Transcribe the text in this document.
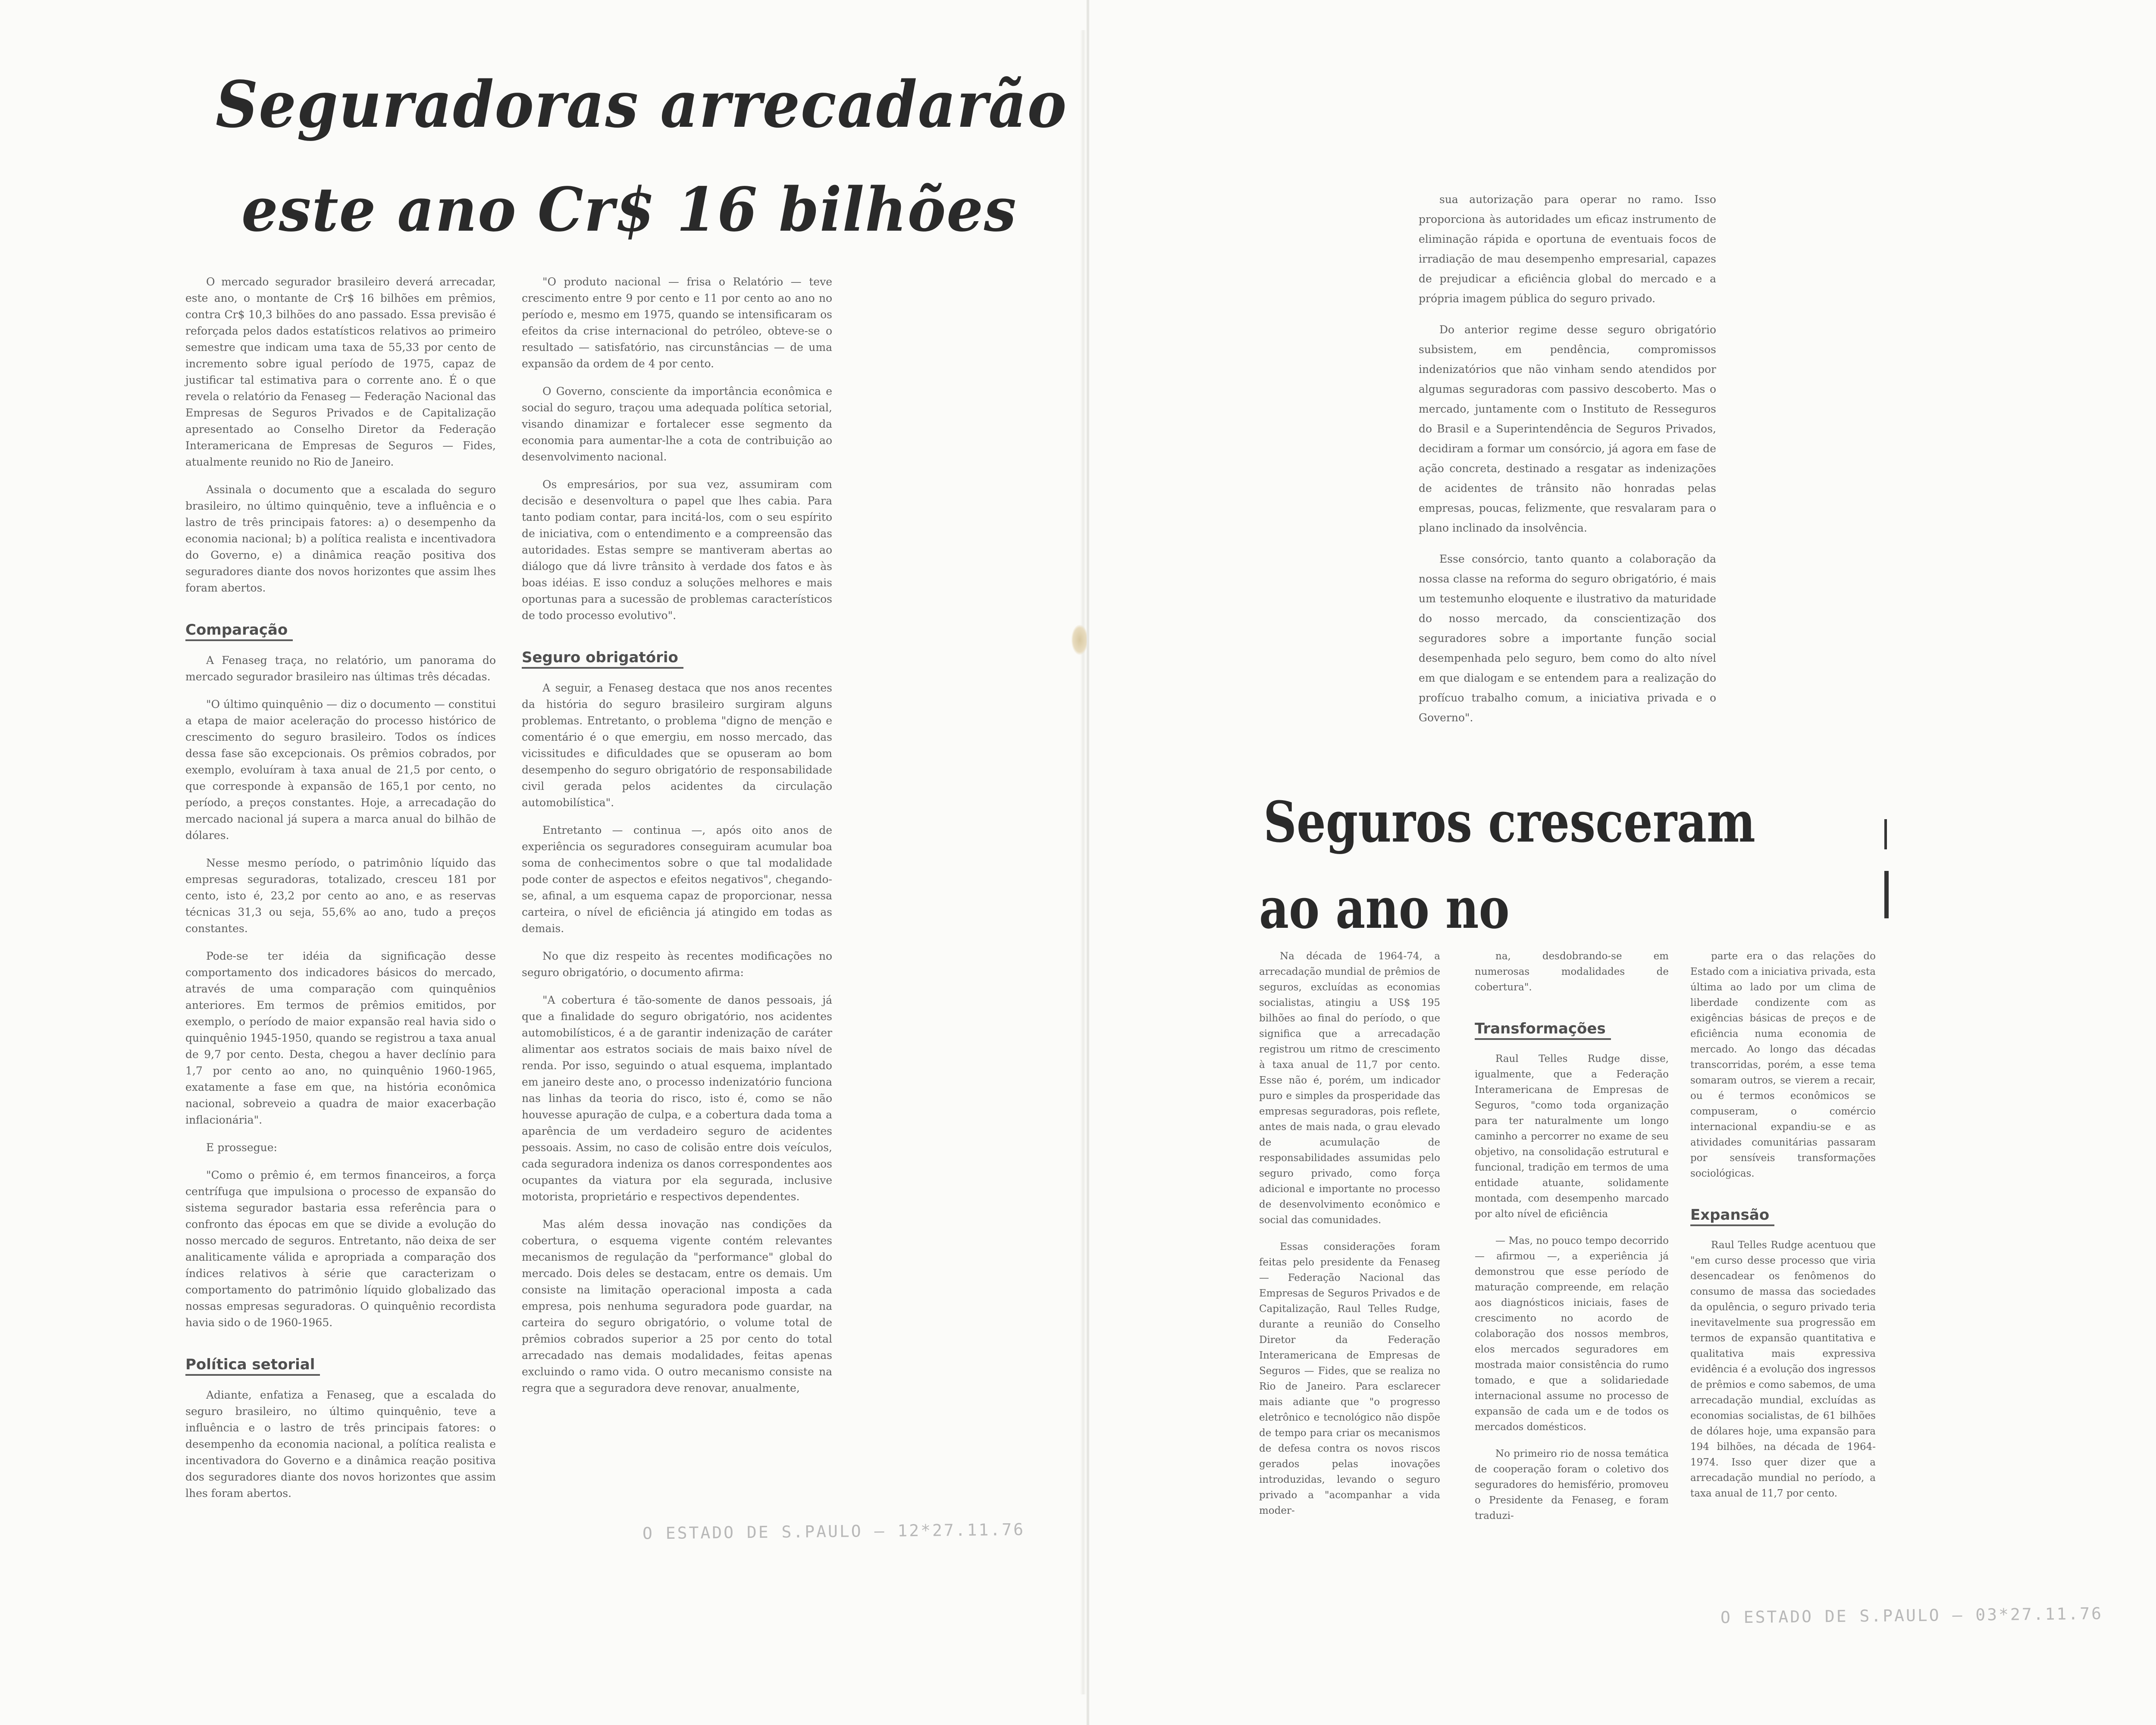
Seguradoras arrecadarão
este ano Cr$ 16 bilhões

O mercado segurador brasileiro deverá arrecadar, este ano, o montante de Cr$ 16 bilhões em prêmios, contra Cr$ 10,3 bilhões do ano passado. Essa previsão é reforçada pelos dados estatísticos relativos ao primeiro semestre que indicam uma taxa de 55,33 por cento de incremento sobre igual período de 1975, capaz de justificar tal estimativa para o corrente ano. É o que revela o relatório da Fenaseg — Federação Nacional das Empresas de Seguros Privados e de Capitalização apresentado ao Conselho Diretor da Federação Interamericana de Empresas de Seguros — Fides, atualmente reunido no Rio de Janeiro.

Assinala o documento que a escalada do seguro brasileiro, no último quinquênio, teve a influência e o lastro de três principais fatores: a) o desempenho da economia nacional; b) a política realista e incentivadora do Governo, e) a dinâmica reação positiva dos seguradores diante dos novos horizontes que assim lhes foram abertos.

Comparação

A Fenaseg traça, no relatório, um panorama do mercado segurador brasileiro nas últimas três décadas.

"O último quinquênio — diz o documento — constitui a etapa de maior aceleração do processo histórico de crescimento do seguro brasileiro. Todos os índices dessa fase são excepcionais. Os prêmios cobrados, por exemplo, evoluíram à taxa anual de 21,5 por cento, o que corresponde à expansão de 165,1 por cento, no período, a preços constantes. Hoje, a arrecadação do mercado nacional já supera a marca anual do bilhão de dólares.

Nesse mesmo período, o patrimônio líquido das empresas seguradoras, totalizado, cresceu 181 por cento, isto é, 23,2 por cento ao ano, e as reservas técnicas 31,3 ou seja, 55,6% ao ano, tudo a preços constantes.

Pode-se ter idéia da significação desse comportamento dos indicadores básicos do mercado, através de uma comparação com quinquênios anteriores. Em termos de prêmios emitidos, por exemplo, o período de maior expansão real havia sido o quinquênio 1945-1950, quando se registrou a taxa anual de 9,7 por cento. Desta, chegou a haver declínio para 1,7 por cento ao ano, no quinquênio 1960-1965, exatamente a fase em que, na história econômica nacional, sobreveio a quadra de maior exacerbação inflacionária".

E prossegue:

"Como o prêmio é, em termos financeiros, a força centrífuga que impulsiona o processo de expansão do sistema segurador bastaria essa referência para o confronto das épocas em que se divide a evolução do nosso mercado de seguros. Entretanto, não deixa de ser analiticamente válida e apropriada a comparação dos índices relativos à série que caracterizam o comportamento do patrimônio líquido globalizado das nossas empresas seguradoras. O quinquênio recordista havia sido o de 1960-1965.

Política setorial

Adiante, enfatiza a Fenaseg, que a escalada do seguro brasileiro, no último quinquênio, teve a influência e o lastro de três principais fatores: o desempenho da economia nacional, a política realista e incentivadora do Governo e a dinâmica reação positiva dos seguradores diante dos novos horizontes que assim lhes foram abertos.

"O produto nacional — frisa o Relatório — teve crescimento entre 9 por cento e 11 por cento ao ano no período e, mesmo em 1975, quando se intensificaram os efeitos da crise internacional do petróleo, obteve-se o resultado — satisfatório, nas circunstâncias — de uma expansão da ordem de 4 por cento.

O Governo, consciente da importância econômica e social do seguro, traçou uma adequada política setorial, visando dinamizar e fortalecer esse segmento da economia para aumentar-lhe a cota de contribuição ao desenvolvimento nacional.

Os empresários, por sua vez, assumiram com decisão e desenvoltura o papel que lhes cabia. Para tanto podiam contar, para incitá-los, com o seu espírito de iniciativa, com o entendimento e a compreensão das autoridades. Estas sempre se mantiveram abertas ao diálogo que dá livre trânsito à verdade dos fatos e às boas idéias. E isso conduz a soluções melhores e mais oportunas para a sucessão de problemas característicos de todo processo evolutivo".

Seguro obrigatório

A seguir, a Fenaseg destaca que nos anos recentes da história do seguro brasileiro surgiram alguns problemas. Entretanto, o problema "digno de menção e comentário é o que emergiu, em nosso mercado, das vicissitudes e dificuldades que se opuseram ao bom desempenho do seguro obrigatório de responsabilidade civil gerada pelos acidentes da circulação automobilística".

Entretanto — continua —, após oito anos de experiência os seguradores conseguiram acumular boa soma de conhecimentos sobre o que tal modalidade pode conter de aspectos e efeitos negativos", chegando-se, afinal, a um esquema capaz de proporcionar, nessa carteira, o nível de eficiência já atingido em todas as demais.

No que diz respeito às recentes modificações no seguro obrigatório, o documento afirma:

"A cobertura é tão-somente de danos pessoais, já que a finalidade do seguro obrigatório, nos acidentes automobilísticos, é a de garantir indenização de caráter alimentar aos estratos sociais de mais baixo nível de renda. Por isso, seguindo o atual esquema, implantado em janeiro deste ano, o processo indenizatório funciona nas linhas da teoria do risco, isto é, como se não houvesse apuração de culpa, e a cobertura dada toma a aparência de um verdadeiro seguro de acidentes pessoais. Assim, no caso de colisão entre dois veículos, cada seguradora indeniza os danos correspondentes aos ocupantes da viatura por ela segurada, inclusive motorista, proprietário e respectivos dependentes.

Mas além dessa inovação nas condições da cobertura, o esquema vigente contém relevantes mecanismos de regulação da "performance" global do mercado. Dois deles se destacam, entre os demais. Um consiste na limitação operacional imposta a cada empresa, pois nenhuma seguradora pode guardar, na carteira do seguro obrigatório, o volume total de prêmios cobrados superior a 25 por cento do total arrecadado nas demais modalidades, feitas apenas excluindo o ramo vida. O outro mecanismo consiste na regra que a seguradora deve renovar, anualmente,

O ESTADO DE S.PAULO — 12*27.11.76

sua autorização para operar no ramo. Isso proporciona às autoridades um eficaz instrumento de eliminação rápida e oportuna de eventuais focos de irradiação de mau desempenho empresarial, capazes de prejudicar a eficiência global do mercado e a própria imagem pública do seguro privado.

Do anterior regime desse seguro obrigatório subsistem, em pendência, compromissos indenizatórios que não vinham sendo atendidos por algumas seguradoras com passivo descoberto. Mas o mercado, juntamente com o Instituto de Resseguros do Brasil e a Superintendência de Seguros Privados, decidiram a formar um consórcio, já agora em fase de ação concreta, destinado a resgatar as indenizações de acidentes de trânsito não honradas pelas empresas, poucas, felizmente, que resvalaram para o plano inclinado da insolvência.

Esse consórcio, tanto quanto a colaboração da nossa classe na reforma do seguro obrigatório, é mais um testemunho eloquente e ilustrativo da maturidade do nosso mercado, da conscientização dos seguradores sobre a importante função social desempenhada pelo seguro, bem como do alto nível em que dialogam e se entendem para a realização do profícuo trabalho comum, a iniciativa privada e o Governo".

Seguros cresceram
ao ano no

Na década de 1964-74, a arrecadação mundial de prêmios de seguros, excluídas as economias socialistas, atingiu a US$ 195 bilhões ao final do período, o que significa que a arrecadação registrou um ritmo de crescimento à taxa anual de 11,7 por cento. Esse não é, porém, um indicador puro e simples da prosperidade das empresas seguradoras, pois reflete, antes de mais nada, o grau elevado de acumulação de responsabilidades assumidas pelo seguro privado, como força adicional e importante no processo de desenvolvimento econômico e social das comunidades.

Essas considerações foram feitas pelo presidente da Fenaseg — Federação Nacional das Empresas de Seguros Privados e de Capitalização, Raul Telles Rudge, durante a reunião do Conselho Diretor da Federação Interamericana de Empresas de Seguros — Fides, que se realiza no Rio de Janeiro. Para esclarecer mais adiante que "o progresso eletrônico e tecnológico não dispõe de tempo para criar os mecanismos de defesa contra os novos riscos gerados pelas inovações introduzidas, levando o seguro privado a "acompanhar a vida moder-

na, desdobrando-se em numerosas modalidades de cobertura".

Transformações

Raul Telles Rudge disse, igualmente, que a Federação Interamericana de Empresas de Seguros, "como toda organização para ter naturalmente um longo caminho a percorrer no exame de seu objetivo, na consolidação estrutural e funcional, tradição em termos de uma entidade atuante, solidamente montada, com desempenho marcado por alto nível de eficiência

— Mas, no pouco tempo decorrido — afirmou —, a experiência já demonstrou que esse período de maturação compreende, em relação aos diagnósticos iniciais, fases de crescimento no acordo de colaboração dos nossos membros, elos mercados seguradores em mostrada maior consistência do rumo tomado, e que a solidariedade internacional assume no processo de expansão de cada um e de todos os mercados domésticos.

No primeiro rio de nossa temática de cooperação foram o coletivo dos seguradores do hemisfério, promoveu o Presidente da Fenaseg, e foram traduzi-

parte era o das relações do Estado com a iniciativa privada, esta última ao lado por um clima de liberdade condizente com as exigências básicas de preços e de eficiência numa economia de mercado. Ao longo das décadas transcorridas, porém, a esse tema somaram outros, se vierem a recair, ou é termos econômicos se compuseram, o comércio internacional expandiu-se e as atividades comunitárias passaram por sensíveis transformações sociológicas.

Expansão

Raul Telles Rudge acentuou que "em curso desse processo que viria desencadear os fenômenos do consumo de massa das sociedades da opulência, o seguro privado teria inevitavelmente sua progressão em termos de expansão quantitativa e qualitativa mais expressiva evidência é a evolução dos ingressos de prêmios e como sabemos, de uma arrecadação mundial, excluídas as economias socialistas, de 61 bilhões de dólares hoje, uma expansão para 194 bilhões, na década de 1964-1974. Isso quer dizer que a arrecadação mundial no período, a taxa anual de 11,7 por cento.

O ESTADO DE S.PAULO — 03*27.11.76
